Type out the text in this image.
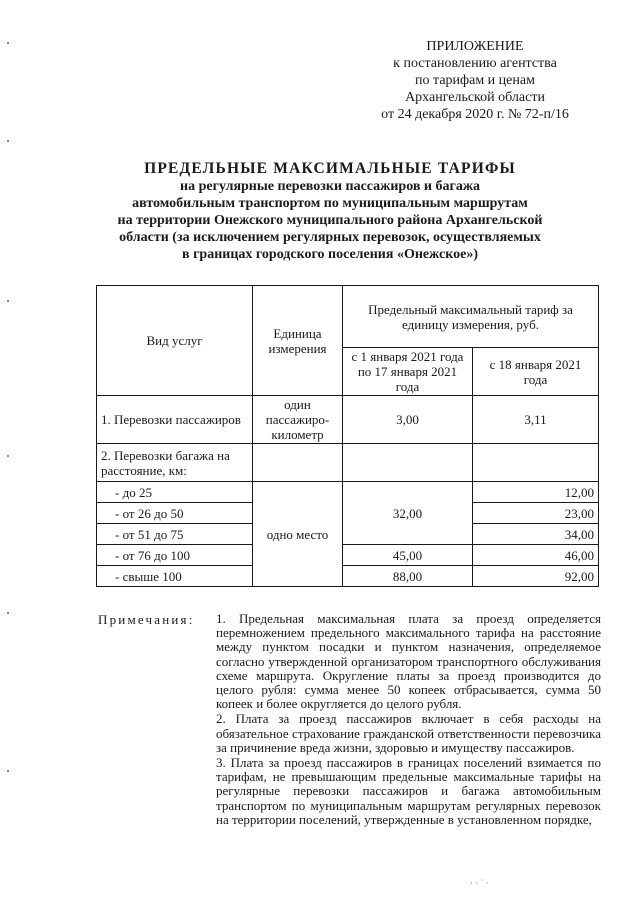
ПРИЛОЖЕНИЕ
к постановлению агентства
по тарифам и ценам
Архангельской области
от 24 декабря 2020 г. № 72-п/16
ПРЕДЕЛЬНЫЕ МАКСИМАЛЬНЫЕ ТАРИФЫ
на регулярные перевозки пассажиров и багажа
автомобильным транспортом по муниципальным маршрутам
на территории Онежского муниципального района Архангельской
области (за исключением регулярных перевозок, осуществляемых
в границах городского поселения «Онежское»)
Вид услуг	Единица измерения	Предельный максимальный тариф за единицу измерения, руб.	
		с 1 января 2021 года по 17 января 2021 года	с 18 января 2021 года
1. Перевозки пассажиров	один пассажиро-километр	3,00	3,11
2. Перевозки багажа на расстояние, км:			
- до 25	одно место	32,00	12,00
- от 26 до 50			23,00
- от 51 до 75			34,00
- от 76 до 100		45,00	46,00
- свыше 100		88,00	92,00
Примечания: 1. Предельная максимальная плата за проезд определяется перемножением предельного максимального тарифа на расстояние между пунктом посадки и пунктом назначения, определяемое согласно утвержденной организатором транспортного обслуживания схеме маршрута. Округление платы за проезд производится до целого рубля: сумма менее 50 копеек отбрасывается, сумма 50 копеек и более округляется до целого рубля.

2. Плата за проезд пассажиров включает в себя расходы на обязательное страхование гражданской ответственности перевозчика за причинение вреда жизни, здоровью и имуществу пассажиров.

3. Плата за проезд пассажиров в границах поселений взимается по тарифам, не превышающим предельные максимальные тарифы на регулярные перевозки пассажиров и багажа автомобильным транспортом по муниципальным маршрутам регулярных перевозок на территории поселений, утвержденные в установленном порядке,

· · ˙ ·
